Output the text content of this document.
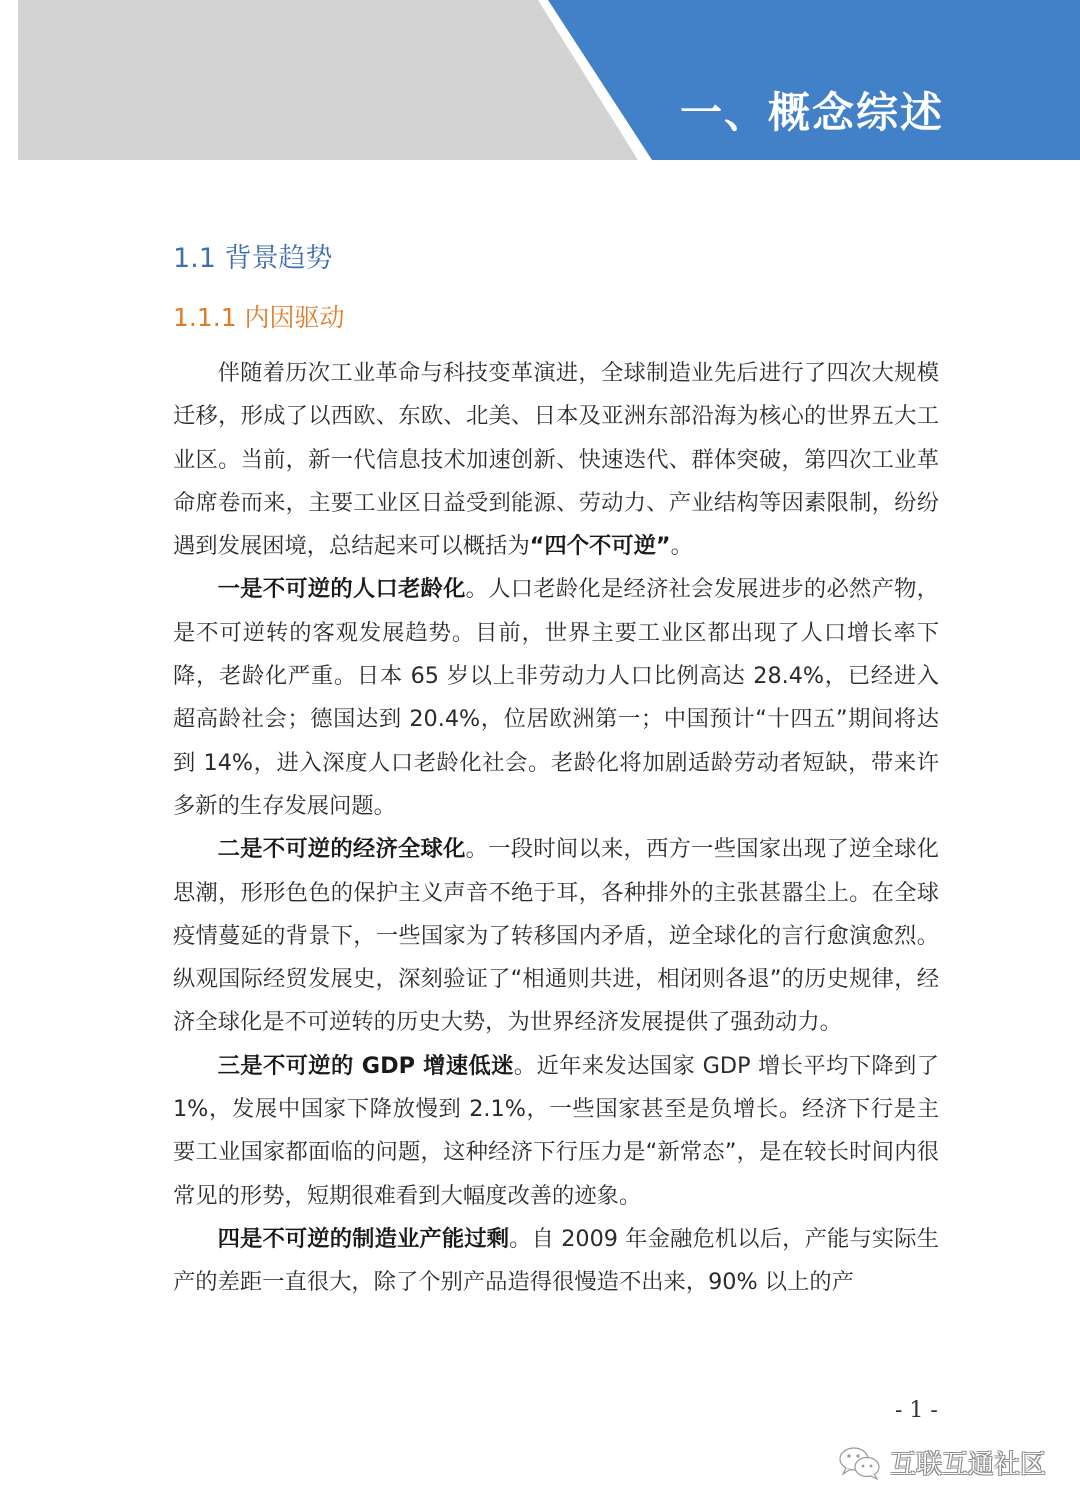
一、概念综述
1.1 背景趋势
1.1.1 内因驱动

伴随着历次工业革命与科技变革演进，全球制造业先后进行了四次大规模迁移，形成了以西欧、东欧、北美、日本及亚洲东部沿海为核心的世界五大工业区。当前，新一代信息技术加速创新、快速迭代、群体突破，第四次工业革命席卷而来，主要工业区日益受到能源、劳动力、产业结构等因素限制，纷纷遇到发展困境，总结起来可以概括为“四个不可逆”。

一是不可逆的人口老龄化。人口老龄化是经济社会发展进步的必然产物，是不可逆转的客观发展趋势。目前，世界主要工业区都出现了人口增长率下降，老龄化严重。日本 65 岁以上非劳动力人口比例高达 28.4%，已经进入超高龄社会；德国达到 20.4%，位居欧洲第一；中国预计“十四五”期间将达到 14%，进入深度人口老龄化社会。老龄化将加剧适龄劳动者短缺，带来许多新的生存发展问题。

二是不可逆的经济全球化。一段时间以来，西方一些国家出现了逆全球化思潮，形形色色的保护主义声音不绝于耳，各种排外的主张甚嚣尘上。在全球疫情蔓延的背景下，一些国家为了转移国内矛盾，逆全球化的言行愈演愈烈。纵观国际经贸发展史，深刻验证了“相通则共进，相闭则各退”的历史规律，经济全球化是不可逆转的历史大势，为世界经济发展提供了强劲动力。

三是不可逆的 GDP 增速低迷。近年来发达国家 GDP 增长平均下降到了 1%，发展中国家下降放慢到 2.1%，一些国家甚至是负增长。经济下行是主要工业国家都面临的问题，这种经济下行压力是“新常态”，是在较长时间内很常见的形势，短期很难看到大幅度改善的迹象。

四是不可逆的制造业产能过剩。自 2009 年金融危机以后，产能与实际生产的差距一直很大，除了个别产品造得很慢造不出来，90% 以上的产

- 1 -
互联互通社区
